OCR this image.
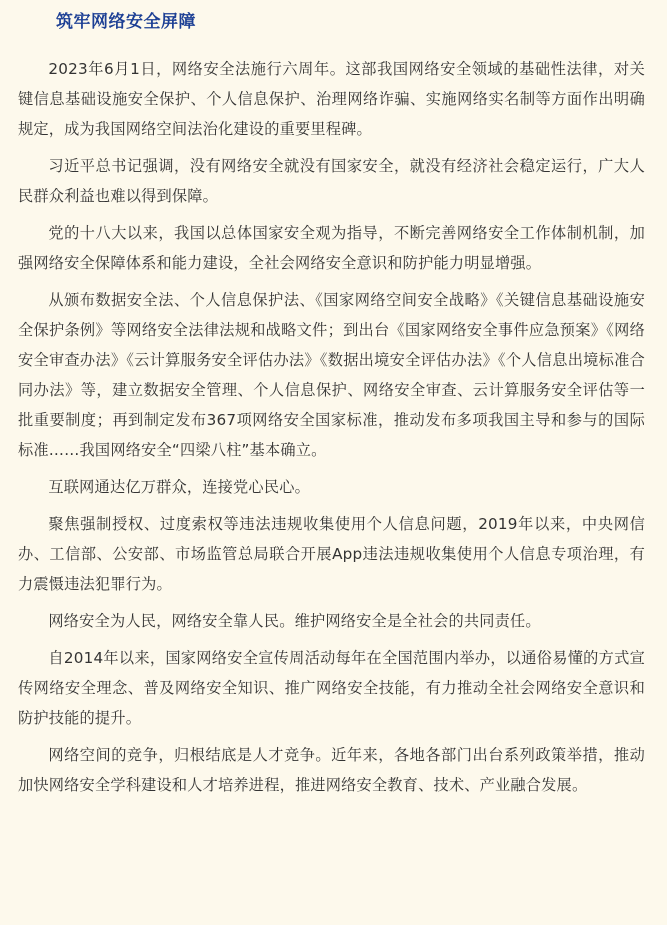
筑牢网络安全屏障

2023年6月1日，网络安全法施行六周年。这部我国网络安全领域的基础性法律，对关键信息基础设施安全保护、个人信息保护、治理网络诈骗、实施网络实名制等方面作出明确规定，成为我国网络空间法治化建设的重要里程碑。

习近平总书记强调，没有网络安全就没有国家安全，就没有经济社会稳定运行，广大人民群众利益也难以得到保障。

党的十八大以来，我国以总体国家安全观为指导，不断完善网络安全工作体制机制，加强网络安全保障体系和能力建设，全社会网络安全意识和防护能力明显增强。

从颁布数据安全法、个人信息保护法、《国家网络空间安全战略》《关键信息基础设施安全保护条例》等网络安全法律法规和战略文件；到出台《国家网络安全事件应急预案》《网络安全审查办法》《云计算服务安全评估办法》《数据出境安全评估办法》《个人信息出境标准合同办法》等，建立数据安全管理、个人信息保护、网络安全审查、云计算服务安全评估等一批重要制度；再到制定发布367项网络安全国家标准，推动发布多项我国主导和参与的国际标准……我国网络安全“四梁八柱”基本确立。

互联网通达亿万群众，连接党心民心。

聚焦强制授权、过度索权等违法违规收集使用个人信息问题，2019年以来，中央网信办、工信部、公安部、市场监管总局联合开展App违法违规收集使用个人信息专项治理，有力震慑违法犯罪行为。

网络安全为人民，网络安全靠人民。维护网络安全是全社会的共同责任。

自2014年以来，国家网络安全宣传周活动每年在全国范围内举办，以通俗易懂的方式宣传网络安全理念、普及网络安全知识、推广网络安全技能，有力推动全社会网络安全意识和防护技能的提升。

网络空间的竞争，归根结底是人才竞争。近年来，各地各部门出台系列政策举措，推动加快网络安全学科建设和人才培养进程，推进网络安全教育、技术、产业融合发展。
